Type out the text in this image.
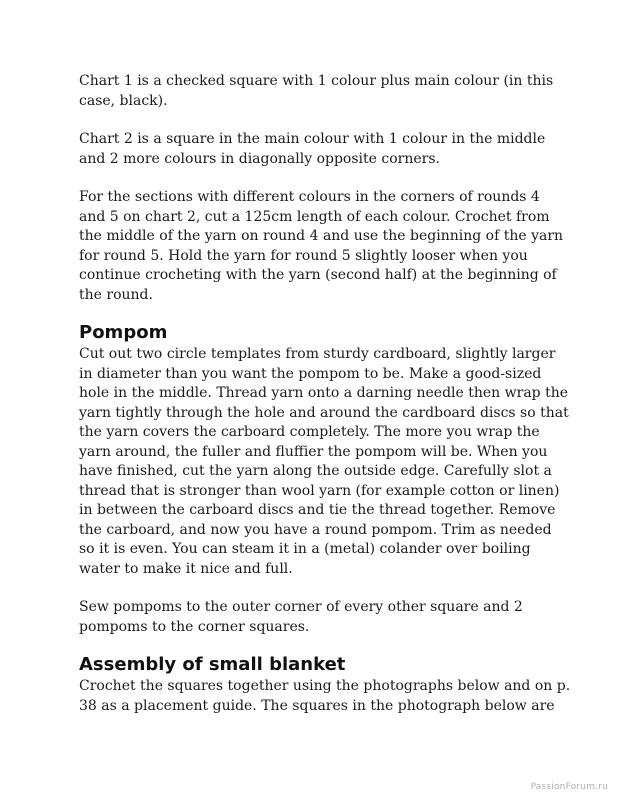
Chart 1 is a checked square with 1 colour plus main colour (in this
case, black).

Chart 2 is a square in the main colour with 1 colour in the middle
and 2 more colours in diagonally opposite corners.

For the sections with different colours in the corners of rounds 4
and 5 on chart 2, cut a 125cm length of each colour. Crochet from
the middle of the yarn on round 4 and use the beginning of the yarn
for round 5. Hold the yarn for round 5 slightly looser when you
continue crocheting with the yarn (second half) at the beginning of
the round.

Pompom

Cut out two circle templates from sturdy cardboard, slightly larger
in diameter than you want the pompom to be. Make a good-sized
hole in the middle. Thread yarn onto a darning needle then wrap the
yarn tightly through the hole and around the cardboard discs so that
the yarn covers the carboard completely. The more you wrap the
yarn around, the fuller and fluffier the pompom will be. When you
have finished, cut the yarn along the outside edge. Carefully slot a
thread that is stronger than wool yarn (for example cotton or linen)
in between the carboard discs and tie the thread together. Remove
the carboard, and now you have a round pompom. Trim as needed
so it is even. You can steam it in a (metal) colander over boiling
water to make it nice and full.

Sew pompoms to the outer corner of every other square and 2
pompoms to the corner squares.

Assembly of small blanket

Crochet the squares together using the photographs below and on p.
38 as a placement guide. The squares in the photograph below are

PassionForum.ru
